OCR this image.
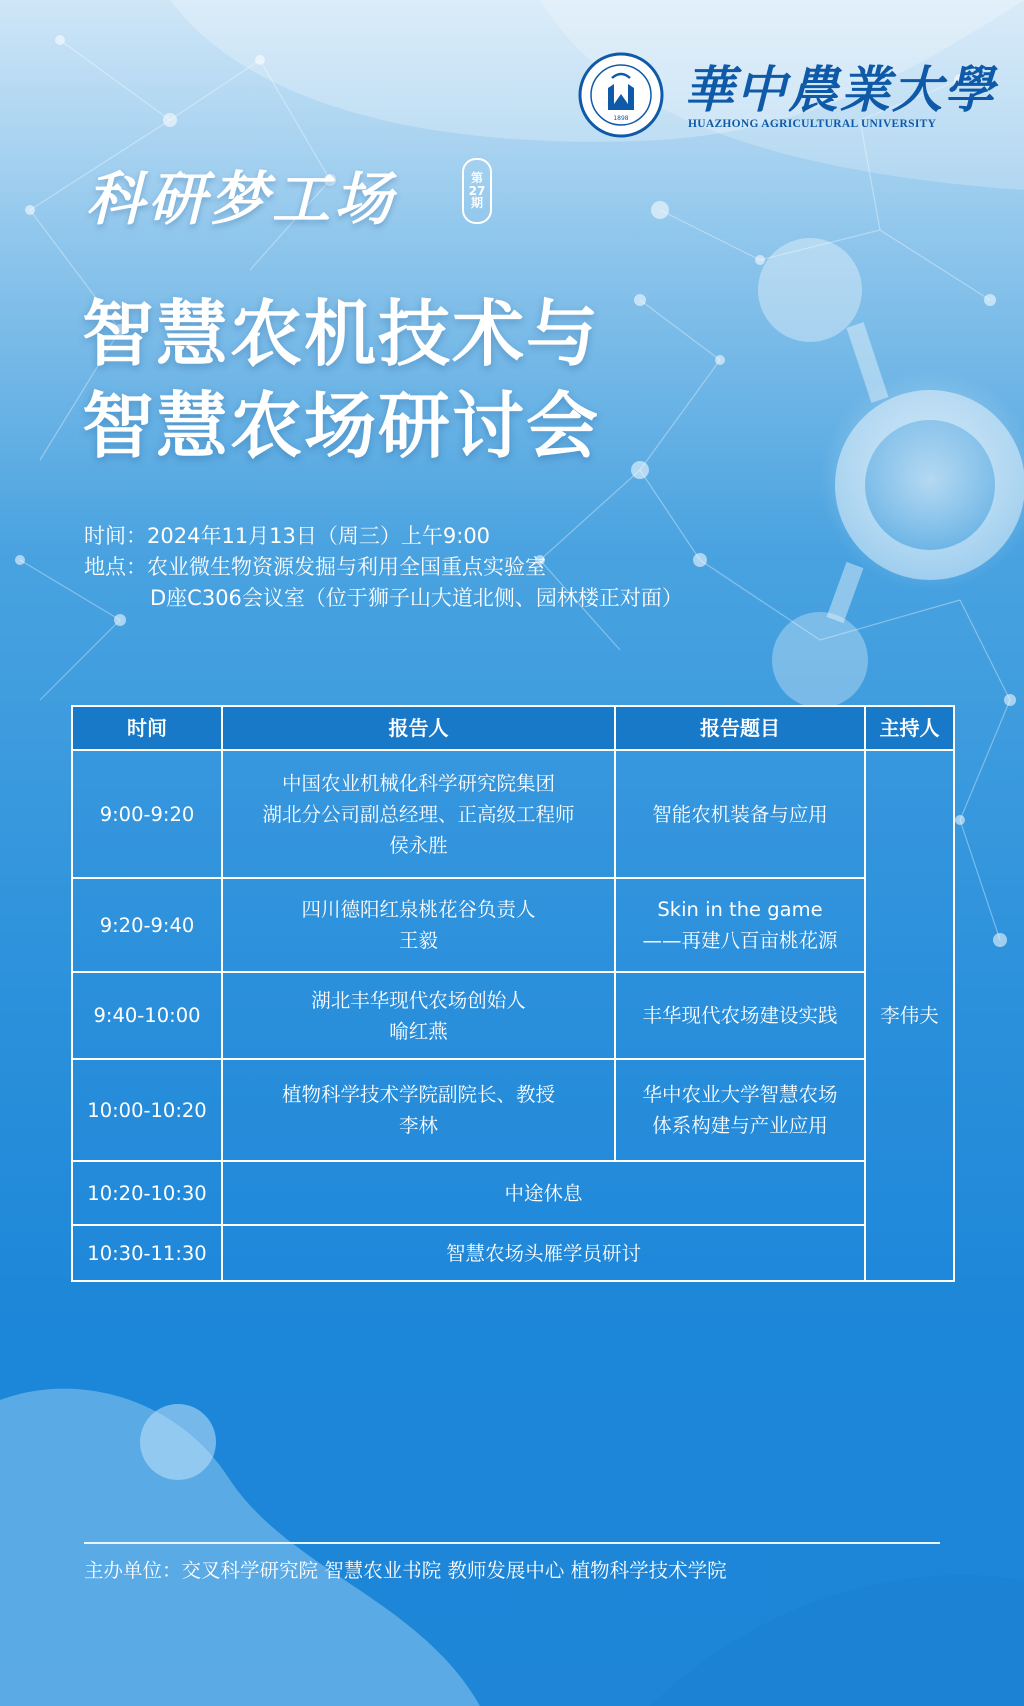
1898 華中農業大學
HUAZHONG AGRICULTURAL UNIVERSITY
科研梦工场	第
27
期
智慧农机技术与
智慧农场研讨会
时间：2024年11月13日（周三）上午9:00
地点：农业微生物资源发掘与利用全国重点实验室
D座C306会议室（位于狮子山大道北侧、园林楼正对面）
时间	报告人	报告题目	主持人
9:00-9:20	中国农业机械化科学研究院集团
湖北分公司副总经理、正高级工程师
侯永胜	智能农机装备与应用	李伟夫
9:20-9:40	四川德阳红泉桃花谷负责人
王毅	Skin in the game
——再建八百亩桃花源	

9:40-10:00	湖北丰华现代农场创始人
喻红燕	丰华现代农场建设实践	

10:00-10:20	植物科学技术学院副院长、教授
李林	华中农业大学智慧农场
体系构建与产业应用	

10:20-10:30	中途休息		
10:30-11:30	智慧农场头雁学员研讨		
主办单位：交叉科学研究院 智慧农业书院 教师发展中心 植物科学技术学院
